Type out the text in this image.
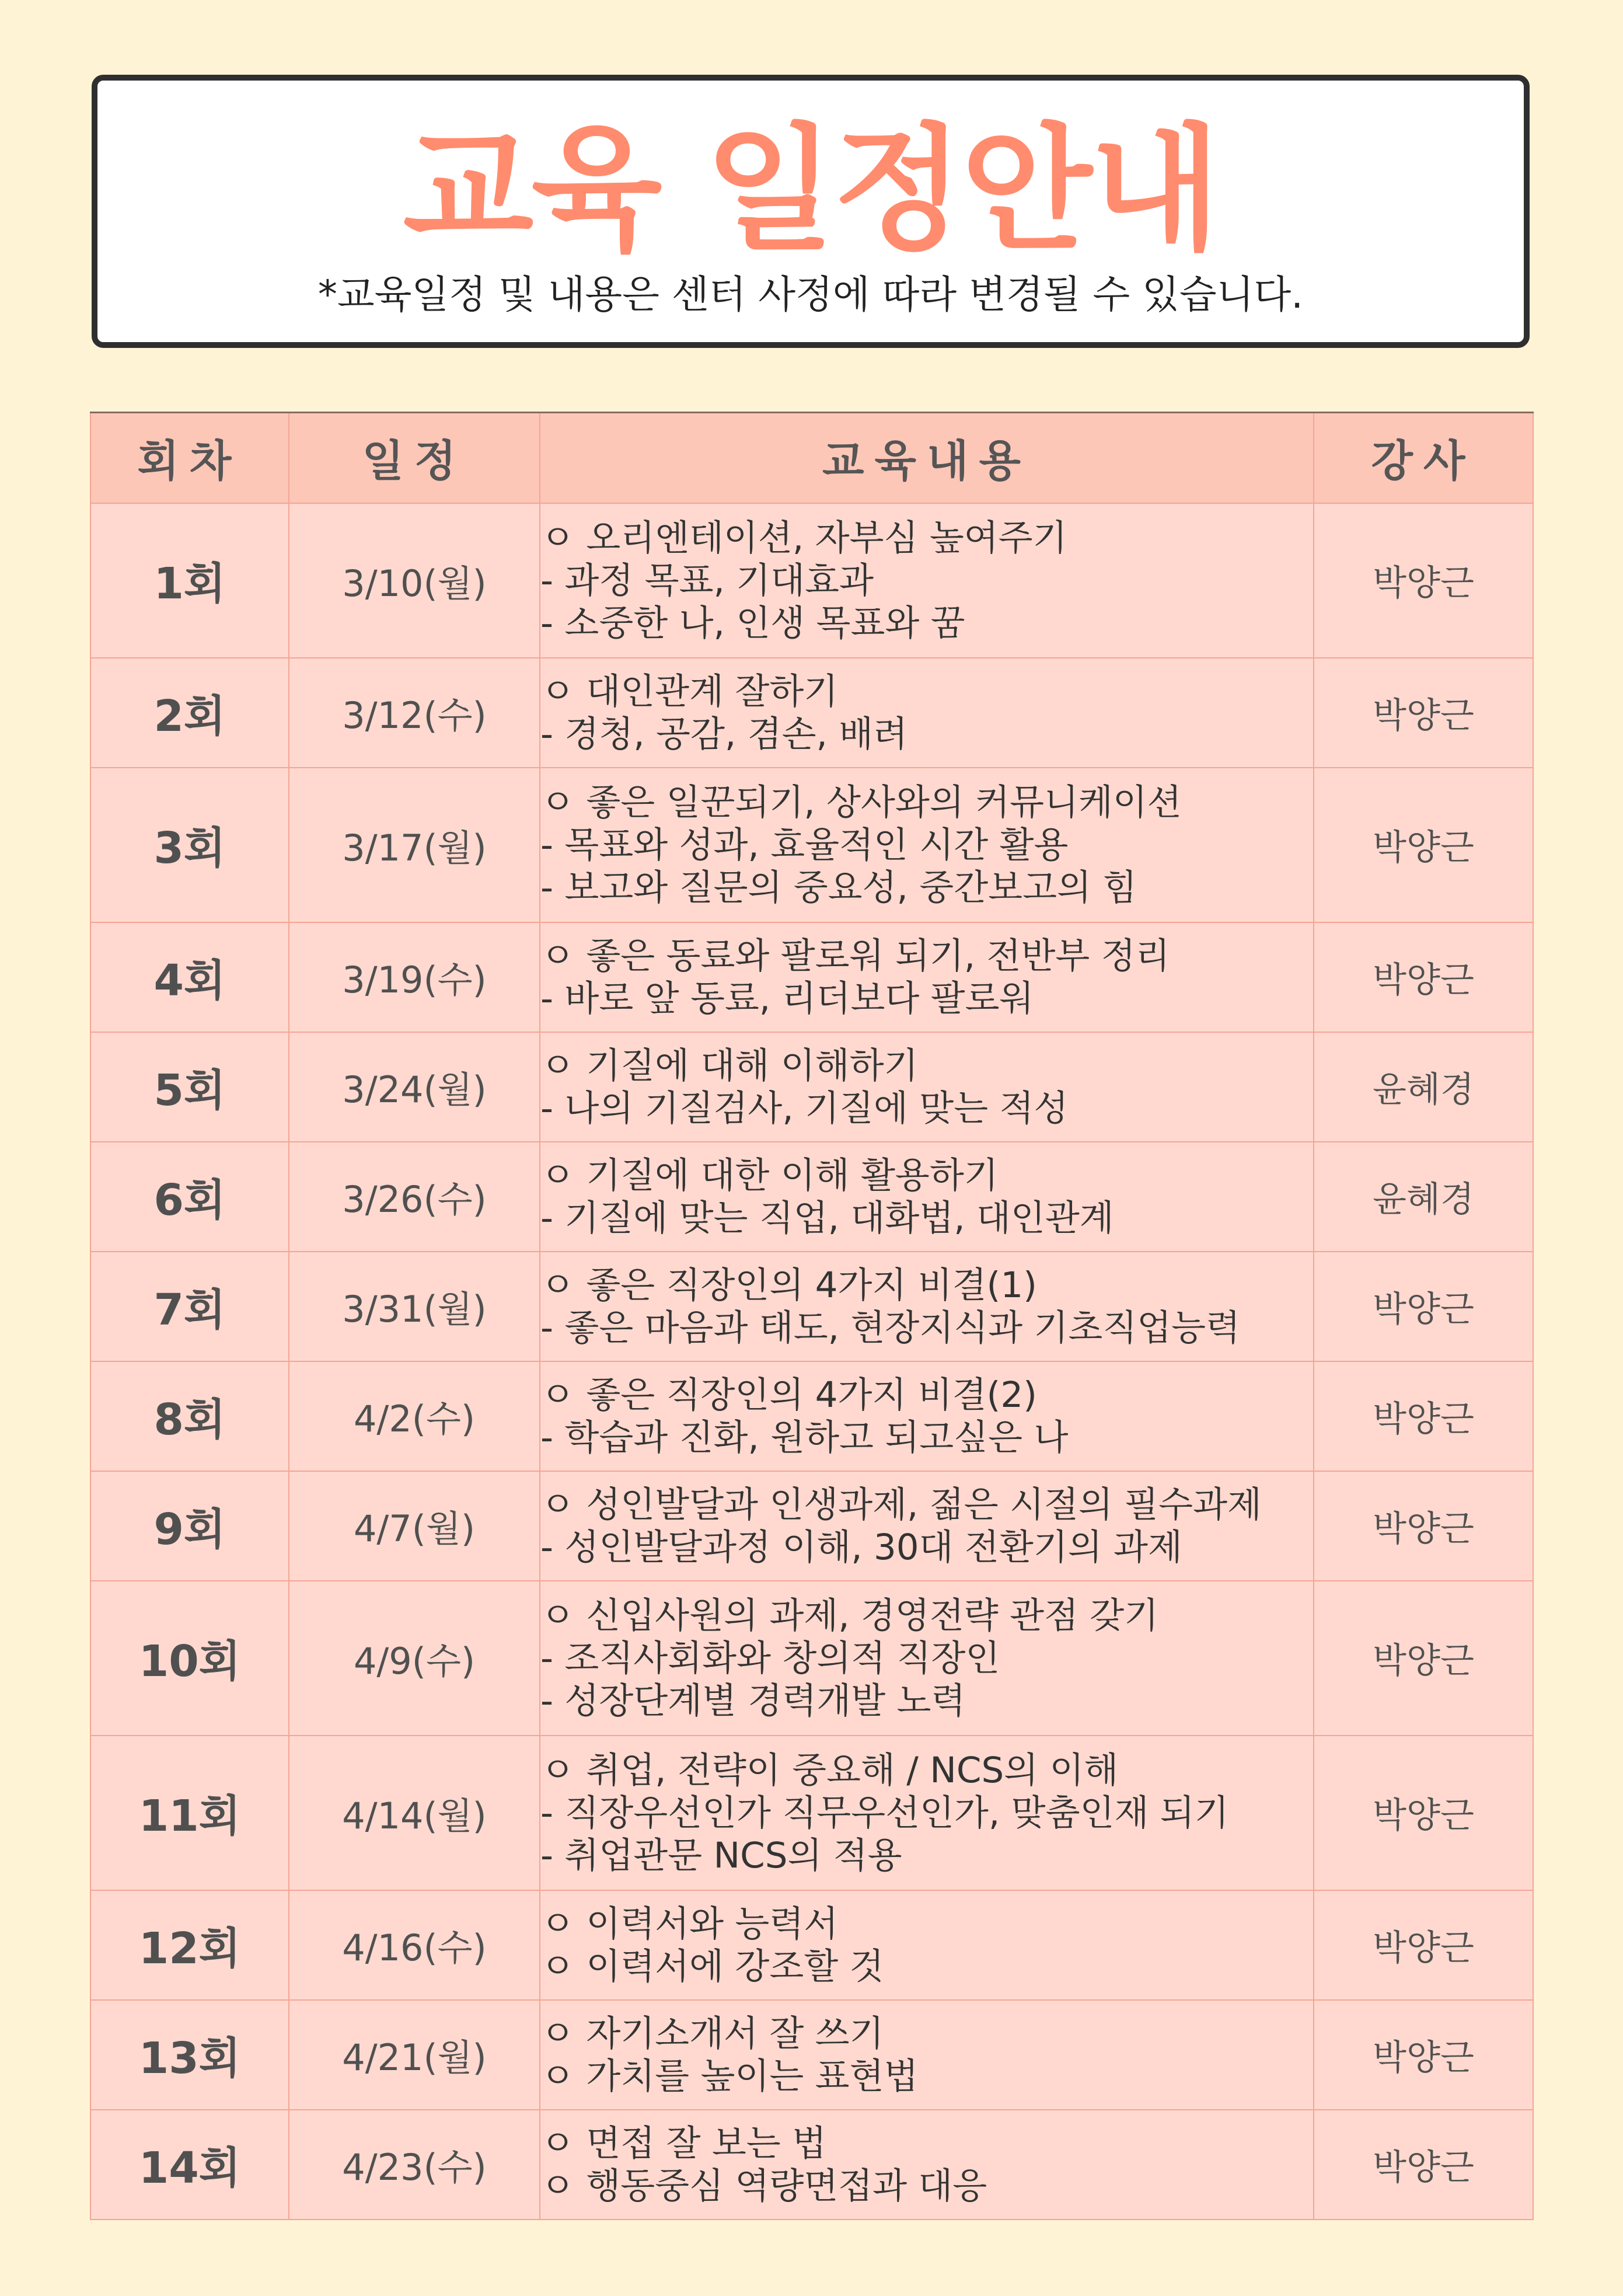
교육 일정안내
*교육일정 및 내용은 센터 사정에 따라 변경될 수 있습니다.
회차	일정	교육내용	강사
1회	3/10(월)	ㅇ 오리엔테이션, 자부심 높여주기
- 과정 목표, 기대효과
- 소중한 나, 인생 목표와 꿈	박양근
2회	3/12(수)	ㅇ 대인관계 잘하기
- 경청, 공감, 겸손, 배려	박양근
3회	3/17(월)	ㅇ 좋은 일꾼되기, 상사와의 커뮤니케이션
- 목표와 성과, 효율적인 시간 활용
- 보고와 질문의 중요성, 중간보고의 힘	박양근
4회	3/19(수)	ㅇ 좋은 동료와 팔로워 되기, 전반부 정리
- 바로 앞 동료, 리더보다 팔로워	박양근
5회	3/24(월)	ㅇ 기질에 대해 이해하기
- 나의 기질검사, 기질에 맞는 적성	윤혜경
6회	3/26(수)	ㅇ 기질에 대한 이해 활용하기
- 기질에 맞는 직업, 대화법, 대인관계	윤혜경
7회	3/31(월)	ㅇ 좋은 직장인의 4가지 비결(1)
- 좋은 마음과 태도, 현장지식과 기초직업능력	박양근
8회	4/2(수)	ㅇ 좋은 직장인의 4가지 비결(2)
- 학습과 진화, 원하고 되고싶은 나	박양근
9회	4/7(월)	ㅇ 성인발달과 인생과제, 젊은 시절의 필수과제
- 성인발달과정 이해, 30대 전환기의 과제	박양근
10회	4/9(수)	ㅇ 신입사원의 과제, 경영전략 관점 갖기
- 조직사회화와 창의적 직장인
- 성장단계별 경력개발 노력	박양근
11회	4/14(월)	ㅇ 취업, 전략이 중요해 / NCS의 이해
- 직장우선인가 직무우선인가, 맞춤인재 되기
- 취업관문 NCS의 적용	박양근
12회	4/16(수)	ㅇ 이력서와 능력서
ㅇ 이력서에 강조할 것	박양근
13회	4/21(월)	ㅇ 자기소개서 잘 쓰기
ㅇ 가치를 높이는 표현법	박양근
14회	4/23(수)	ㅇ 면접 잘 보는 법
ㅇ 행동중심 역량면접과 대응	박양근
